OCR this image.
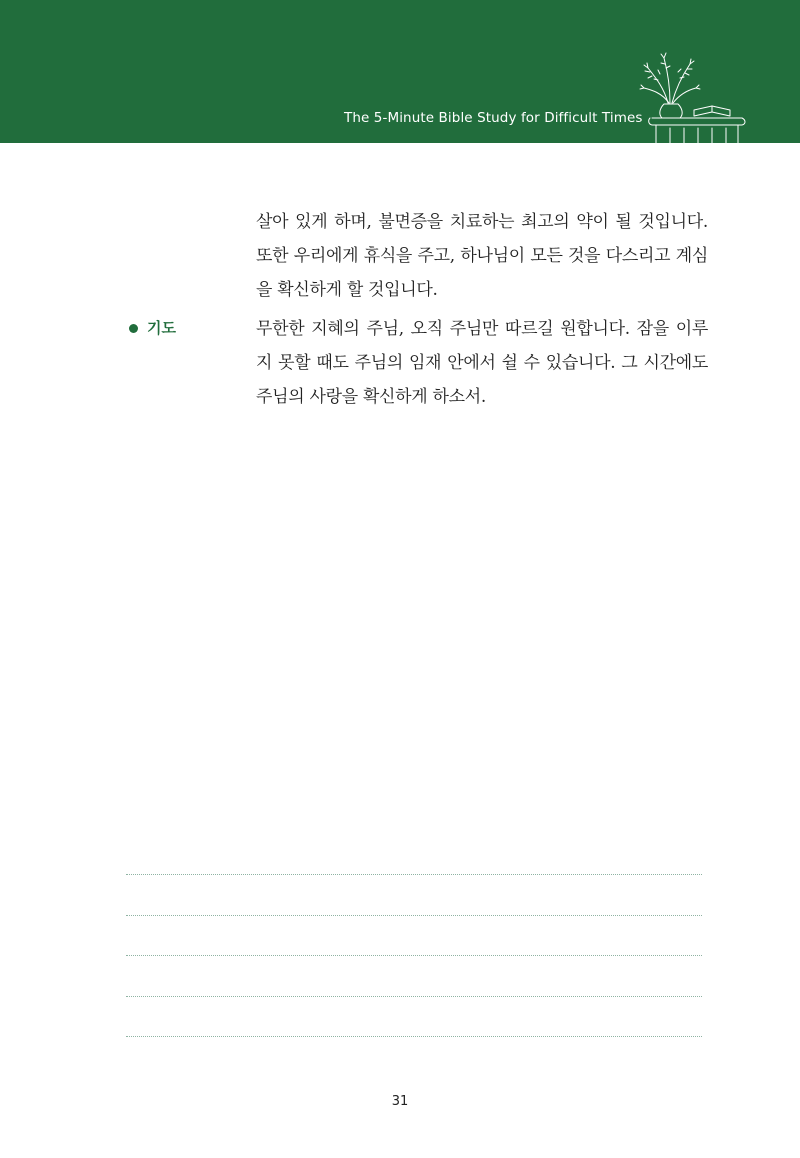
The 5-Minute Bible Study for Difficult Times
살아 있게 하며, 불면증을 치료하는 최고의 약이 될 것입니다. 또한 우리에게 휴식을 주고, 하나님이 모든 것을 다스리고 계심을 확신하게 할 것입니다.
기도	무한한 지혜의 주님, 오직 주님만 따르길 원합니다. 잠을 이루지 못할 때도 주님의 임재 안에서 쉴 수 있습니다. 그 시간에도 주님의 사랑을 확신하게 하소서.
31
